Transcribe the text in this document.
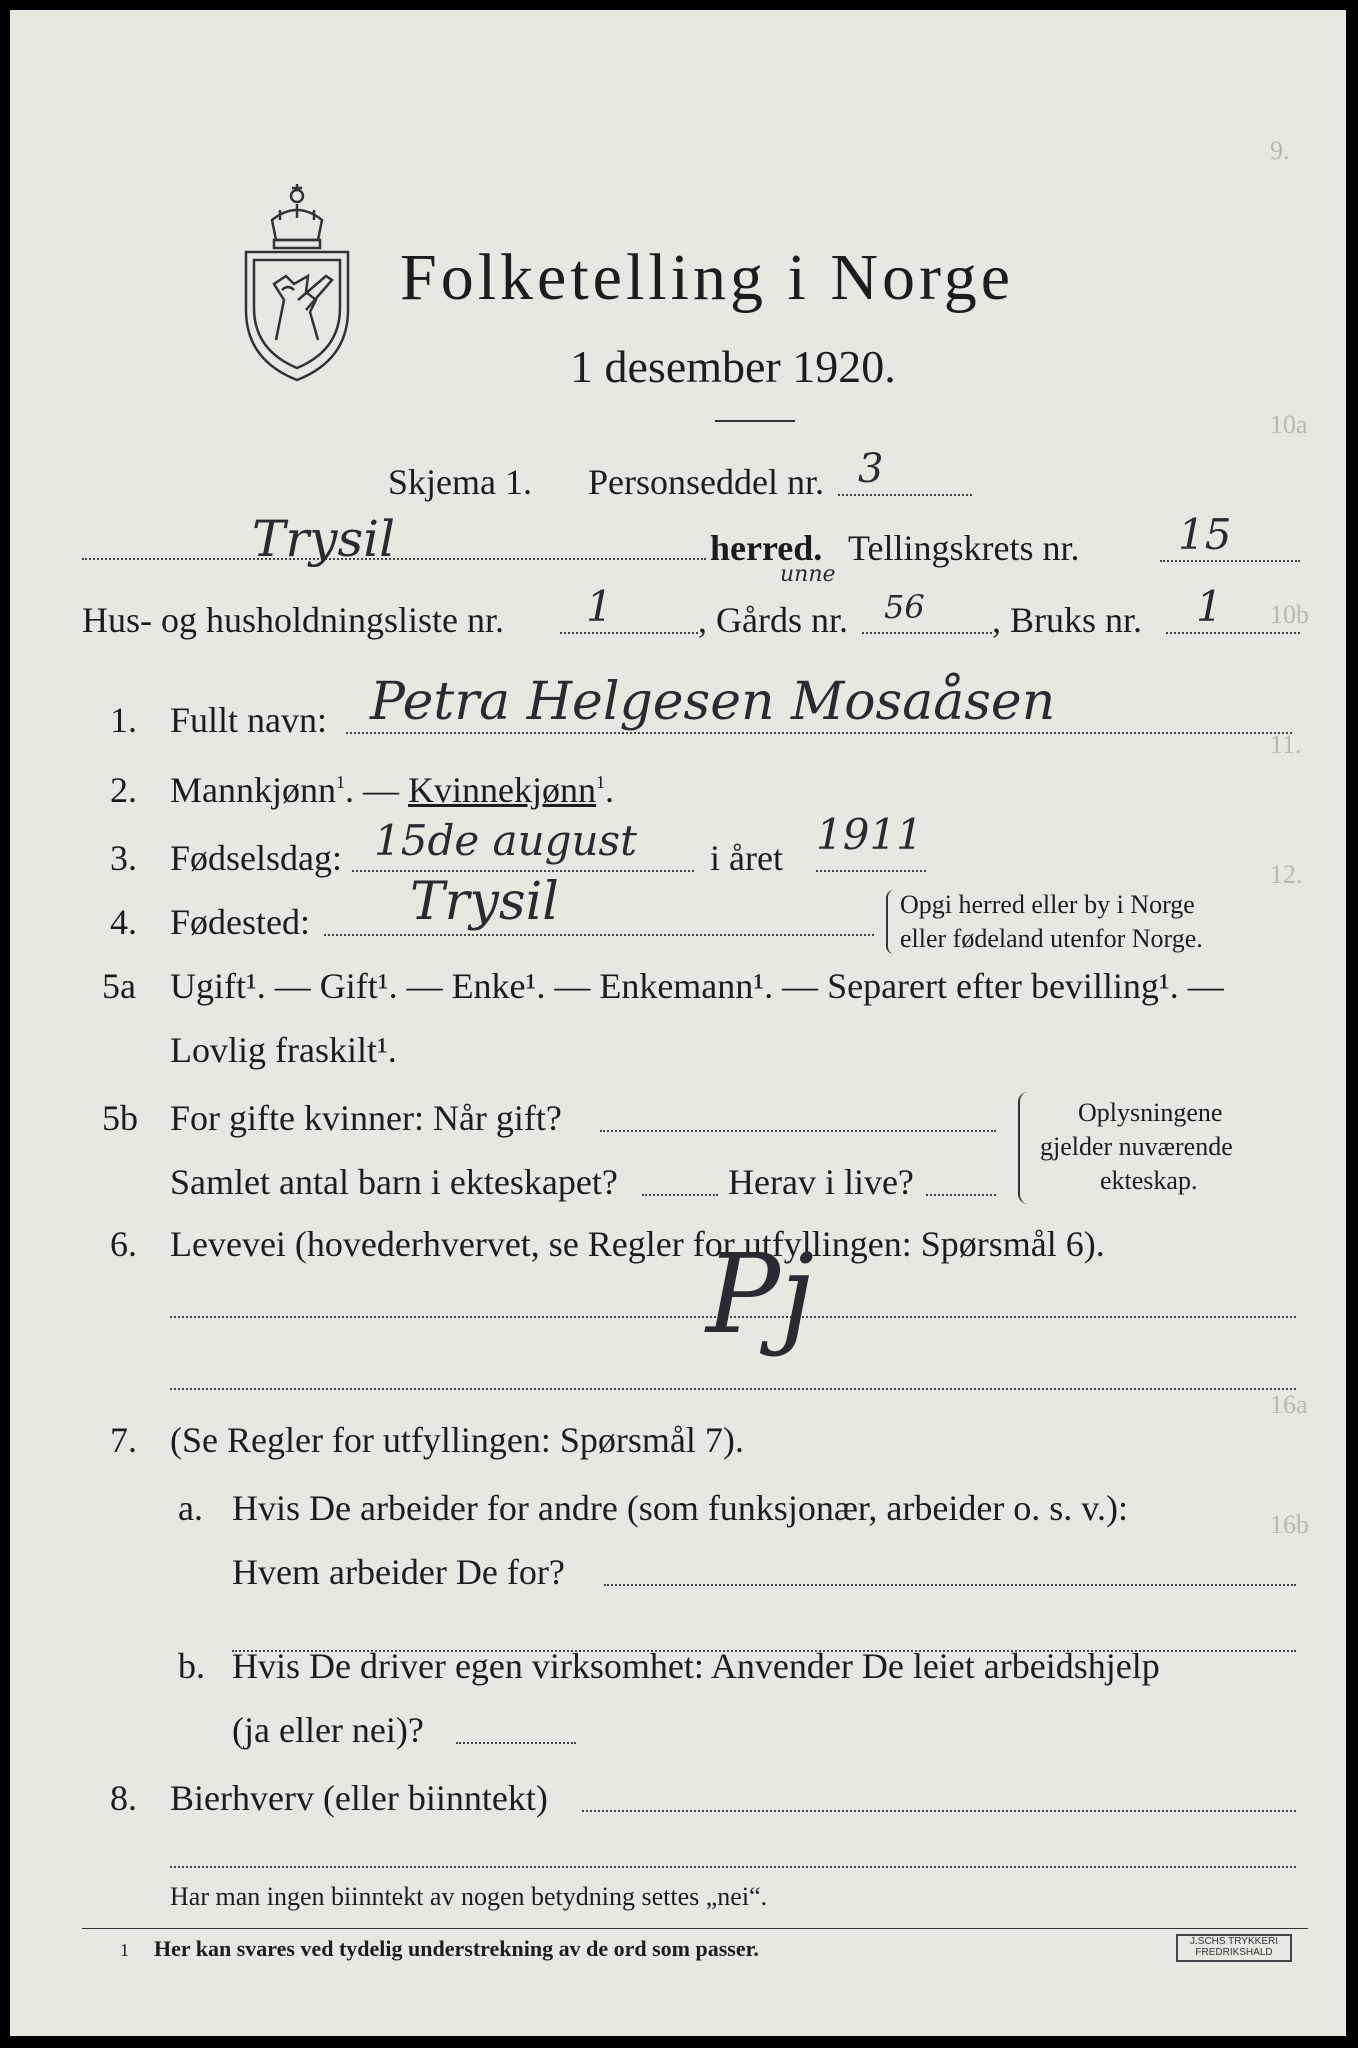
9.
10a
10b
11.
12.
16a
16b
Folketelling i Norge
1 desember 1920.
Skjema 1. Personseddel nr. 3
Trysil	herred. Tellingskrets nr. 15
unne
Hus- og husholdningsliste nr. 1 , Gårds nr. 56 , Bruks nr. 1
1. Fullt navn: Petra Helgesen Mosaåsen
2. Mannkjønn$^1$. — Kvinnekjønn$^1$.
3. Fødselsdag: 15de august i året 1911
4. Fødested: Trysil	Opgi herred eller by i Norge
eller fødeland utenfor Norge.
5a Ugift¹. — Gift¹. — Enke¹. — Enkemann¹. — Separert efter bevilling¹. —
Lovlig fraskilt¹.
5b For gifte kvinner: Når gift?
Samlet antal barn i ekteskapet?	Herav i live?
Oplysningene
gjelder nuværende
ekteskap.
6. Levevei (hovederhvervet, se Regler for utfyllingen: Spørsmål 6).
Pj
7. (Se Regler for utfyllingen: Spørsmål 7).
a. Hvis De arbeider for andre (som funksjonær, arbeider o. s. v.):
Hvem arbeider De for?
b. Hvis De driver egen virksomhet: Anvender De leiet arbeidshjelp
(ja eller nei)?
8. Bierhverv (eller biinntekt)
Har man ingen biinntekt av nogen betydning settes „nei“.
1 Her kan svares ved tydelig understrekning av de ord som passer.	J.SCHS TRYKKERI
FREDRIKSHALD
